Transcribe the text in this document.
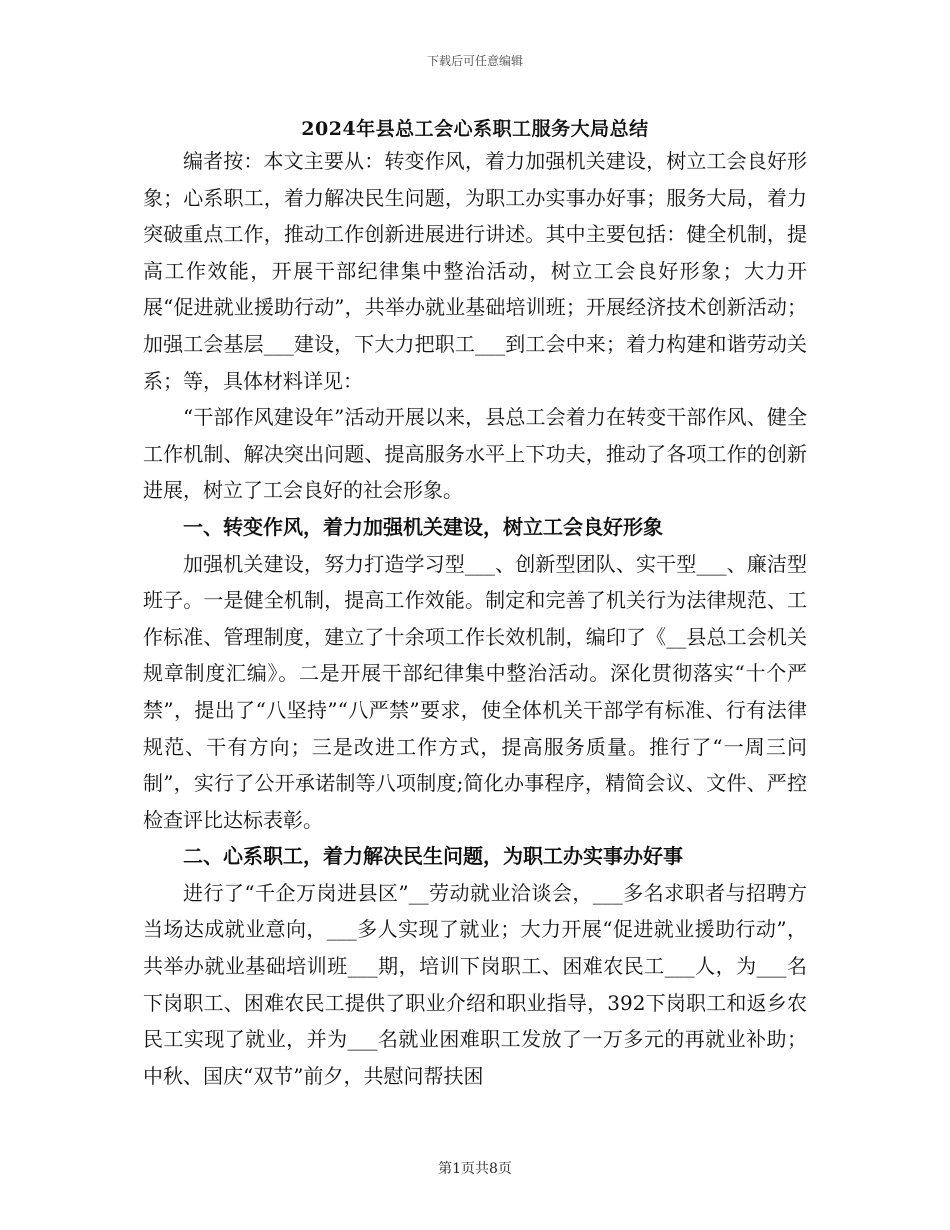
下载后可任意编辑
2024年县总工会心系职工服务大局总结

编者按：本文主要从：转变作风，着力加强机关建设，树立工会良好形象；心系职工，着力解决民生问题，为职工办实事办好事；服务大局，着力突破重点工作，推动工作创新进展进行讲述。其中主要包括：健全机制，提高工作效能，开展干部纪律集中整治活动，树立工会良好形象；大力开展“促进就业援助行动”，共举办就业基础培训班；开展经济技术创新活动；加强工会基层___建设，下大力把职工___到工会中来；着力构建和谐劳动关系；等，具体材料详见：

“干部作风建设年”活动开展以来，县总工会着力在转变干部作风、健全工作机制、解决突出问题、提高服务水平上下功夫，推动了各项工作的创新进展，树立了工会良好的社会形象。

一、转变作风，着力加强机关建设，树立工会良好形象

加强机关建设，努力打造学习型___、创新型团队、实干型___、廉洁型班子。一是健全机制，提高工作效能。制定和完善了机关行为法律规范、工作标准、管理制度，建立了十余项工作长效机制，编印了《__县总工会机关规章制度汇编》。二是开展干部纪律集中整治活动。深化贯彻落实“十个严禁”，提出了“八坚持”“八严禁”要求，使全体机关干部学有标准、行有法律规范、干有方向；三是改进工作方式，提高服务质量。推行了“一周三问制”，实行了公开承诺制等八项制度;简化办事程序，精简会议、文件、严控检查评比达标表彰。

二、心系职工，着力解决民生问题，为职工办实事办好事

进行了“千企万岗进县区”__劳动就业洽谈会，___多名求职者与招聘方当场达成就业意向，___多人实现了就业；大力开展“促进就业援助行动”，共举办就业基础培训班___期，培训下岗职工、困难农民工___人，为___名下岗职工、困难农民工提供了职业介绍和职业指导，392下岗职工和返乡农民工实现了就业，并为___名就业困难职工发放了一万多元的再就业补助；中秋、国庆“双节”前夕，共慰问帮扶困

第1页共8页
